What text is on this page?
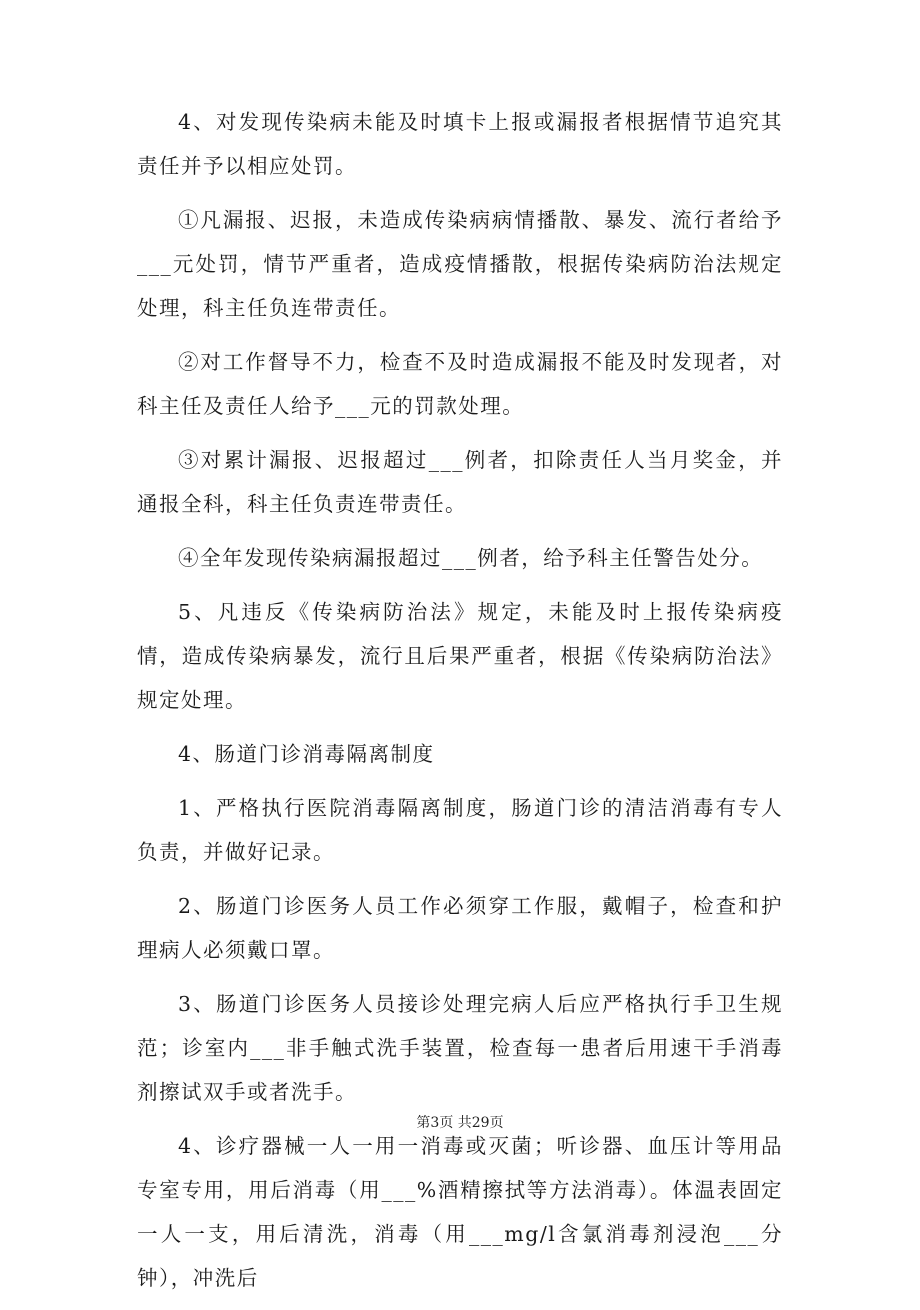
4、对发现传染病未能及时填卡上报或漏报者根据情节追究其责任并予以相应处罚。

①凡漏报、迟报，未造成传染病病情播散、暴发、流行者给予___元处罚，情节严重者，造成疫情播散，根据传染病防治法规定处理，科主任负连带责任。

②对工作督导不力，检查不及时造成漏报不能及时发现者，对科主任及责任人给予___元的罚款处理。

③对累计漏报、迟报超过___例者，扣除责任人当月奖金，并通报全科，科主任负责连带责任。

④全年发现传染病漏报超过___例者，给予科主任警告处分。

5、凡违反《传染病防治法》规定，未能及时上报传染病疫情，造成传染病暴发，流行且后果严重者，根据《传染病防治法》规定处理。

4、肠道门诊消毒隔离制度

1、严格执行医院消毒隔离制度，肠道门诊的清洁消毒有专人负责，并做好记录。

2、肠道门诊医务人员工作必须穿工作服，戴帽子，检查和护理病人必须戴口罩。

3、肠道门诊医务人员接诊处理完病人后应严格执行手卫生规范；诊室内___非手触式洗手装置，检查每一患者后用速干手消毒剂擦试双手或者洗手。

4、诊疗器械一人一用一消毒或灭菌；听诊器、血压计等用品专室专用，用后消毒（用___%酒精擦拭等方法消毒）。体温表固定一人一支，用后清洗，消毒（用___mg/l含氯消毒剂浸泡___分钟），冲洗后

第3页 共29页
